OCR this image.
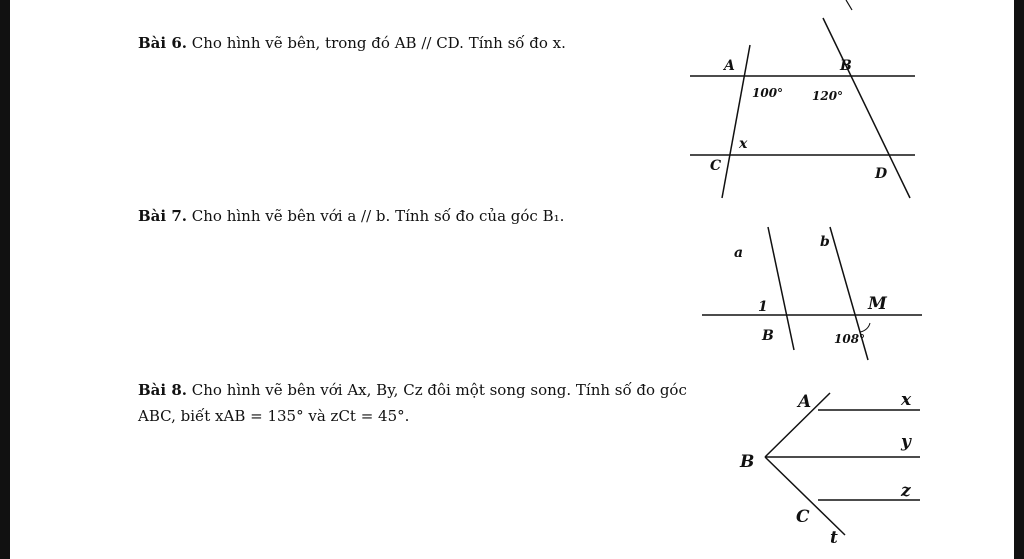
Bài 6. Cho hình vẽ bên, trong đó AB // CD. Tính số đo x.
A	B
C	D
x
100° 120°
Bài 7. Cho hình vẽ bên với a // b. Tính số đo của góc B₁.
a
b
1	M
B	108°
Bài 8. Cho hình vẽ bên với Ax, By, Cz đôi một song song. Tính số đo góc
ABC, biết xAB = 135° và zCt = 45°.
A	x
y
B
z
C
t
